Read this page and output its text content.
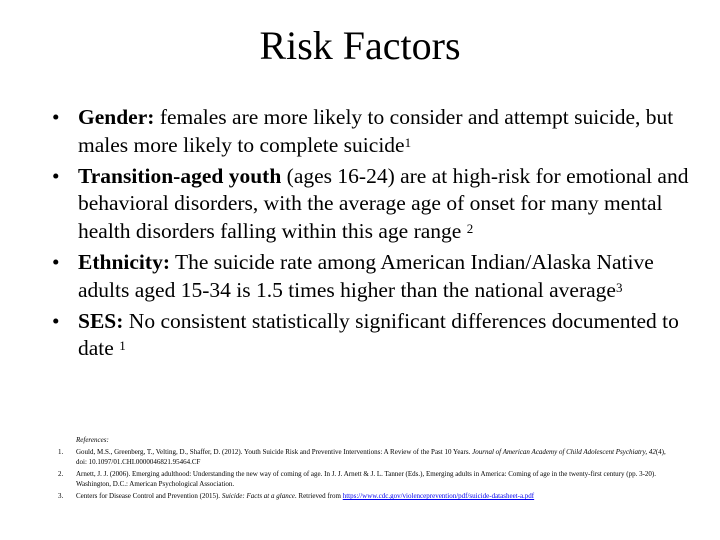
Risk Factors
• Gender: females are more likely to consider and attempt suicide, but males more likely to complete suicide$^1$
• Transition-aged youth (ages 16-24) are at high-risk for emotional and behavioral disorders, with the average age of onset for many mental health disorders falling within this age range $^2$
• Ethnicity: The suicide rate among American Indian/Alaska Native adults aged 15-34 is 1.5 times higher than the national average$^3$
• SES: No consistent statistically significant differences documented to date $^1$
References:
1. Gould, M.S., Greenberg, T., Velting, D., Shaffer, D. (2012). Youth Suicide Risk and Preventive Interventions: A Review of the Past 10 Years. Journal of American Academy of Child Adolescent Psychiatry, 42(4), doi: 10.1097/01.CHI.0000046821.95464.CF
2. Arnett, J. J. (2006). Emerging adulthood: Understanding the new way of coming of age. In J. J. Arnett & J. L. Tanner (Eds.), Emerging adults in America: Coming of age in the twenty-first century (pp. 3-20). Washington, D.C.: American Psychological Association.
3. Centers for Disease Control and Prevention (2015). Suicide: Facts at a glance. Retrieved from https://www.cdc.gov/violenceprevention/pdf/suicide-datasheet-a.pdf
